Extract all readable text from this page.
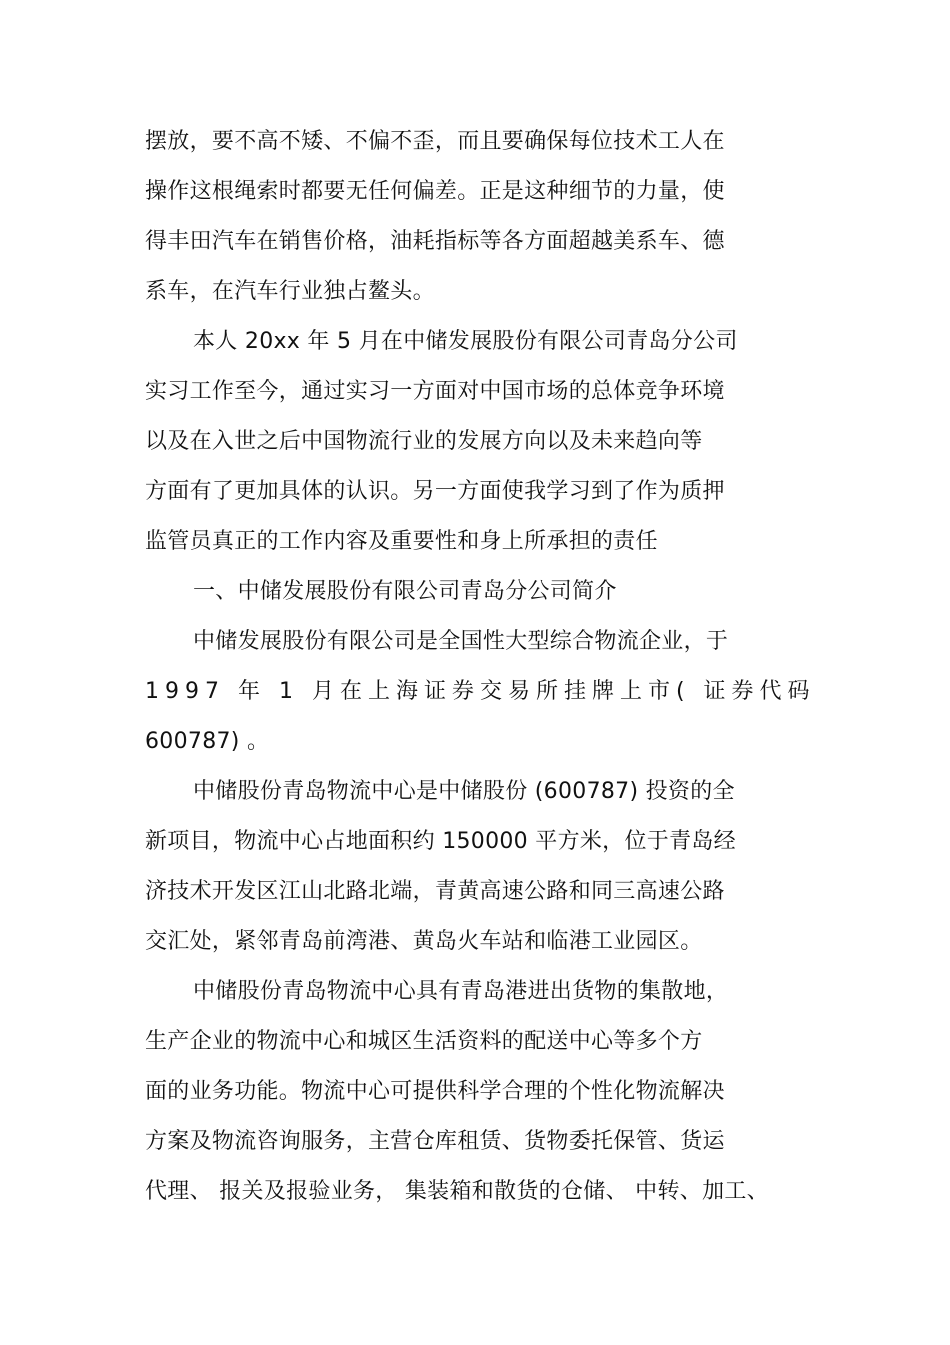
摆放，要不高不矮、不偏不歪，而且要确保每位技术工人在
操作这根绳索时都要无任何偏差。正是这种细节的力量，使
得丰田汽车在销售价格，油耗指标等各方面超越美系车、德
系车，在汽车行业独占鳌头。
本人 20xx 年 5 月在中储发展股份有限公司青岛分公司
实习工作至今，通过实习一方面对中国市场的总体竞争环境
以及在入世之后中国物流行业的发展方向以及未来趋向等
方面有了更加具体的认识。另一方面使我学习到了作为质押
监管员真正的工作内容及重要性和身上所承担的责任
一、中储发展股份有限公司青岛分公司简介
中储发展股份有限公司是全国性大型综合物流企业，于
1997 年 1 月在上海证券交易所挂牌上市( 证券代码
600787) 。
中储股份青岛物流中心是中储股份 (600787) 投资的全
新项目，物流中心占地面积约 150000 平方米，位于青岛经
济技术开发区江山北路北端，青黄高速公路和同三高速公路
交汇处，紧邻青岛前湾港、黄岛火车站和临港工业园区。
中储股份青岛物流中心具有青岛港进出货物的集散地，
生产企业的物流中心和城区生活资料的配送中心等多个方
面的业务功能。物流中心可提供科学合理的个性化物流解决
方案及物流咨询服务，主营仓库租赁、货物委托保管、货运
代理、 报关及报验业务， 集装箱和散货的仓储、 中转、加工、
